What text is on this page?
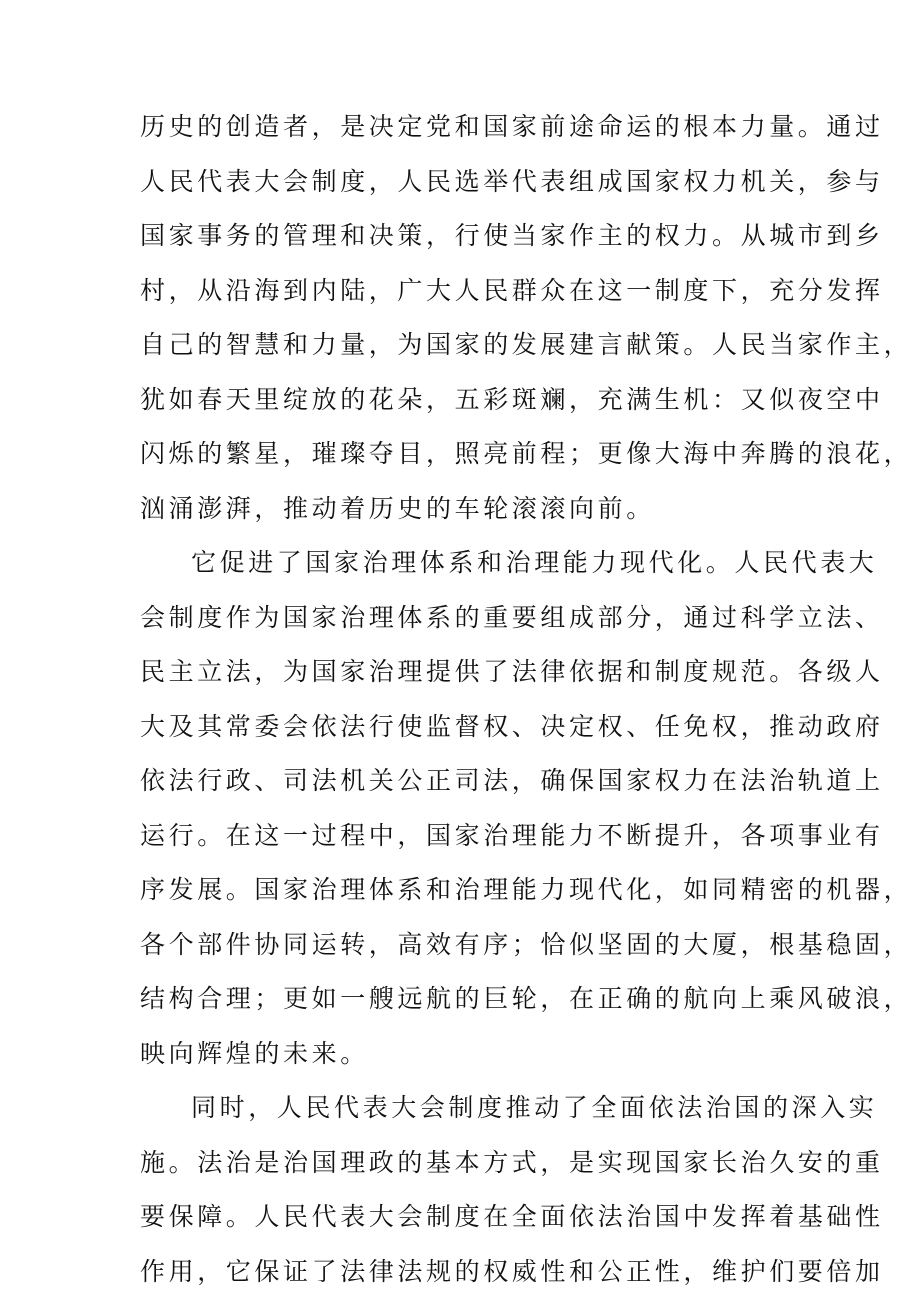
历史的创造者，是决定党和国家前途命运的根本力量。通过
人民代表大会制度，人民选举代表组成国家权力机关，参与
国家事务的管理和决策，行使当家作主的权力。从城市到乡
村，从沿海到内陆，广大人民群众在这一制度下，充分发挥
自己的智慧和力量，为国家的发展建言献策。人民当家作主，
犹如春天里绽放的花朵，五彩斑斓，充满生机：又似夜空中
闪烁的繁星，璀璨夺目，照亮前程；更像大海中奔腾的浪花，
汹涌澎湃，推动着历史的车轮滚滚向前。
它促进了国家治理体系和治理能力现代化。人民代表大
会制度作为国家治理体系的重要组成部分，通过科学立法、
民主立法，为国家治理提供了法律依据和制度规范。各级人
大及其常委会依法行使监督权、决定权、任免权，推动政府
依法行政、司法机关公正司法，确保国家权力在法治轨道上
运行。在这一过程中，国家治理能力不断提升，各项事业有
序发展。国家治理体系和治理能力现代化，如同精密的机器，
各个部件协同运转，高效有序；恰似坚固的大厦，根基稳固，
结构合理；更如一艘远航的巨轮，在正确的航向上乘风破浪，
映向辉煌的未来。
同时，人民代表大会制度推动了全面依法治国的深入实
施。法治是治国理政的基本方式，是实现国家长治久安的重
要保障。人民代表大会制度在全面依法治国中发挥着基础性
作用，它保证了法律法规的权威性和公正性，维护们要倍加
